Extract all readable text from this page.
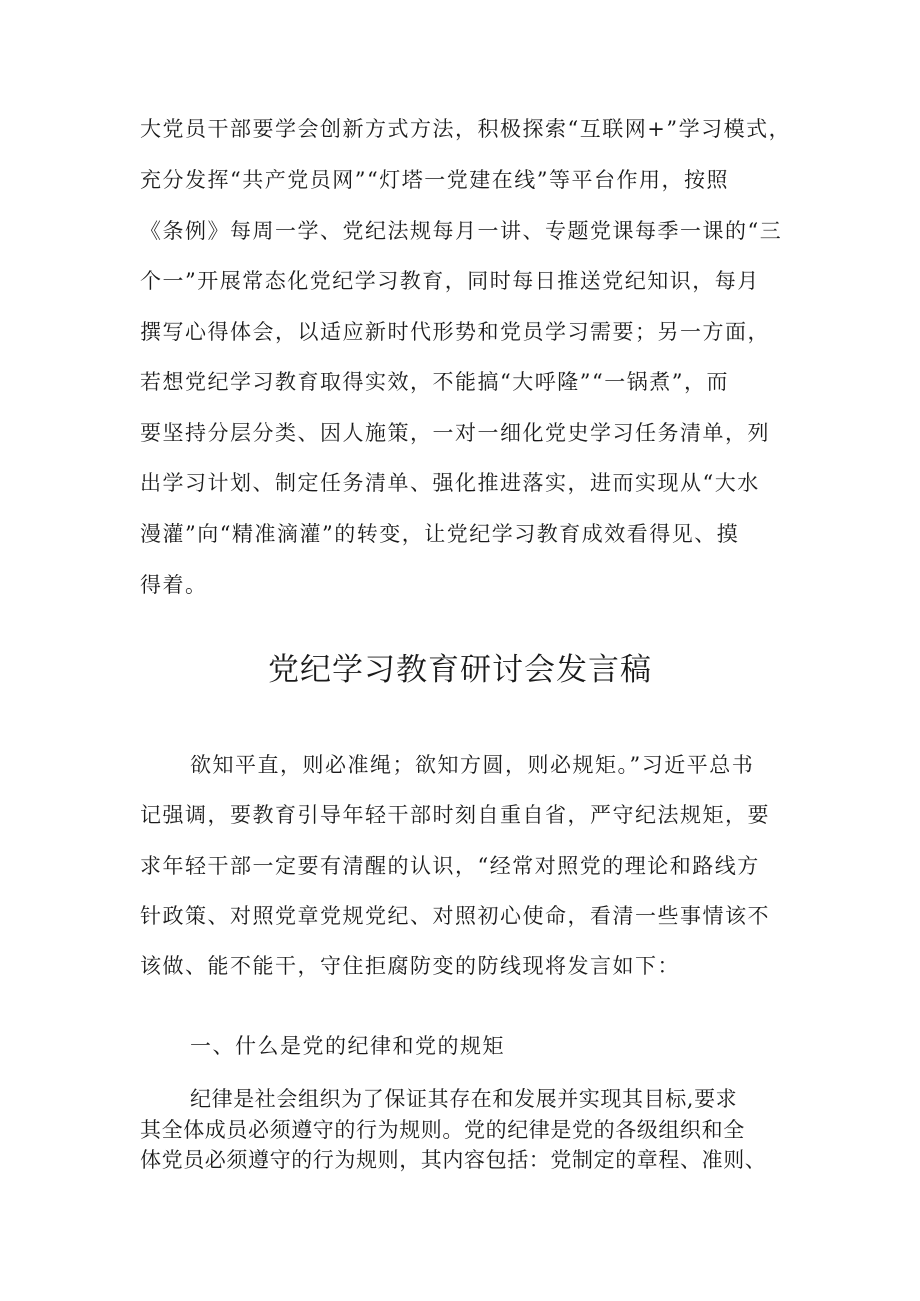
大党员干部要学会创新方式方法，积极探索“互联网+”学习模式，
充分发挥“共产党员网”“灯塔一党建在线”等平台作用，按照
《条例》每周一学、党纪法规每月一讲、专题党课每季一课的“三
个一”开展常态化党纪学习教育，同时每日推送党纪知识，每月
撰写心得体会，以适应新时代形势和党员学习需要；另一方面，
若想党纪学习教育取得实效，不能搞“大呼隆”“一锅煮”，而
要坚持分层分类、因人施策，一对一细化党史学习任务清单，列
出学习计划、制定任务清单、强化推进落实，进而实现从“大水
漫灌”向“精准滴灌”的转变，让党纪学习教育成效看得见、摸
得着。
党纪学习教育研讨会发言稿
欲知平直，则必准绳；欲知方圆，则必规矩。”习近平总书
记强调，要教育引导年轻干部时刻自重自省，严守纪法规矩，要
求年轻干部一定要有清醒的认识，“经常对照党的理论和路线方
针政策、对照党章党规党纪、对照初心使命，看清一些事情该不
该做、能不能干，守住拒腐防变的防线现将发言如下：
一、什么是党的纪律和党的规矩
纪律是社会组织为了保证其存在和发展并实现其目标,要求
其全体成员必须遵守的行为规则。党的纪律是党的各级组织和全
体党员必须遵守的行为规则，其内容包括：党制定的章程、准则、
